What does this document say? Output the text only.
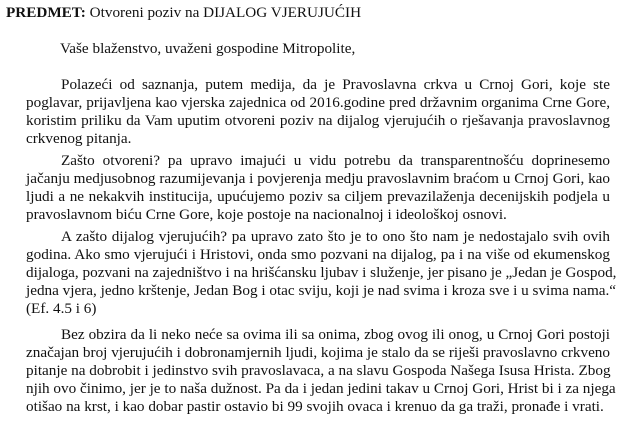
PREDMET: Otvoreni poziv na DIJALOG VJERUJUĆIH
Vaše blaženstvo, uvaženi gospodine Mitropolite,
Polazeći od saznanja, putem medija, da je Pravoslavna crkva u Crnoj Gori, koje ste
poglavar, prijavljena kao vjerska zajednica od 2016.godine pred državnim organima Crne Gore,
koristim priliku da Vam uputim otvoreni poziv na dijalog vjerujućih o rješavanja pravoslavnog
crkvenog pitanja.
Zašto otvoreni? pa upravo imajući u vidu potrebu da transparentnošću doprinesemo
jačanju medjusobnog razumijevanja i povjerenja medju pravoslavnim braćom u Crnoj Gori, kao
ljudi a ne nekakvih institucija, upućujemo poziv sa ciljem prevazilaženja decenijskih podjela u
pravoslavnom biću Crne Gore, koje postoje na nacionalnoj i ideološkoj osnovi.
A zašto dijalog vjerujućih? pa upravo zato što je to ono što nam je nedostajalo svih ovih
godina. Ako smo vjerujući i Hristovi, onda smo pozvani na dijalog, pa i na više od ekumenskog
dijaloga, pozvani na zajedništvo i na hrišćansku ljubav i služenje, jer pisano je „Jedan je Gospod,
jedna vjera, jedno krštenje, Jedan Bog i otac sviju, koji je nad svima i kroza sve i u svima nama.“
(Ef. 4.5 i 6)
Bez obzira da li neko neće sa ovima ili sa onima, zbog ovog ili onog, u Crnoj Gori postoji
značajan broj vjerujućih i dobronamjernih ljudi, kojima je stalo da se riješi pravoslavno crkveno
pitanje na dobrobit i jedinstvo svih pravoslavaca, a na slavu Gospoda Našega Isusa Hrista. Zbog
njih ovo činimo, jer je to naša dužnost. Pa da i jedan jedini takav u Crnoj Gori, Hrist bi i za njega
otišao na krst, i kao dobar pastir ostavio bi 99 svojih ovaca i krenuo da ga traži, pronađe i vrati.
